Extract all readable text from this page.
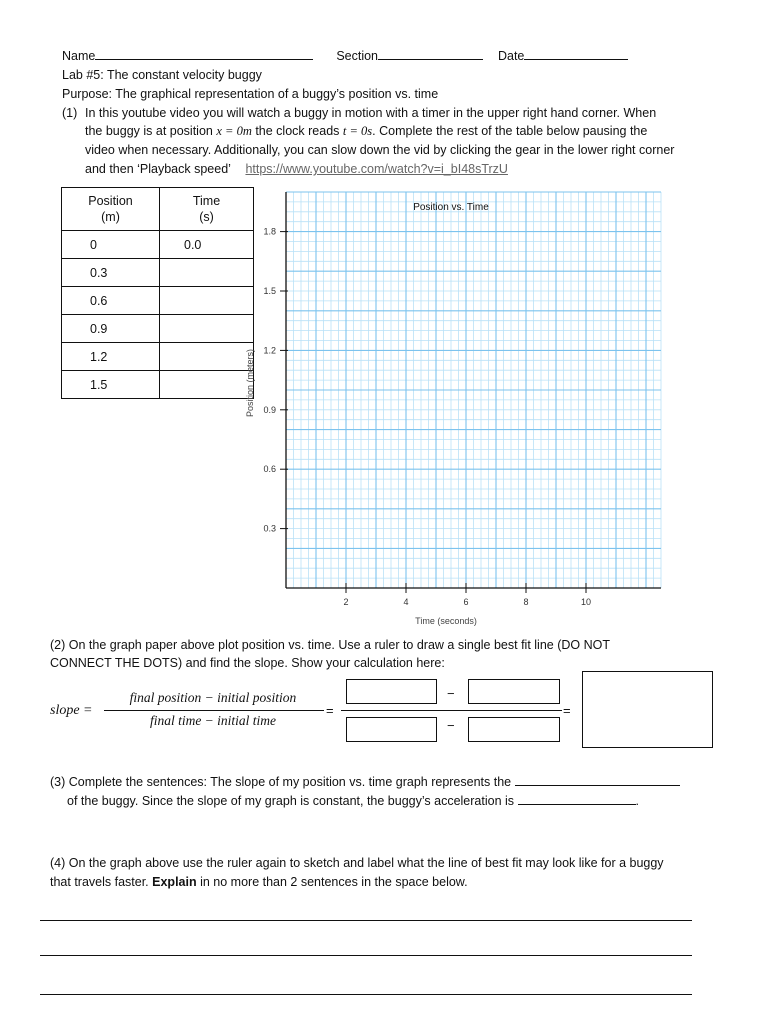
Name	Section	Date
Lab #5: The constant velocity buggy
Purpose: The graphical representation of a buggy’s position vs. time
(1) In this youtube video you will watch a buggy in motion with a timer in the upper right hand corner. When
the buggy is at position x = 0m the clock reads t = 0s. Complete the rest of the table below pausing the
video when necessary. Additionally, you can slow down the vid by clicking the gear in the lower right corner
and then ‘Playback speed’ https://www.youtube.com/watch?v=i_bI48sTrzU
Position
(m)	Time
(s)
0	0.0
0.3	
0.6	
0.9	
1.2	
1.5	
0.3
0.6
0.9
1.2
1.5
1.8
2	4	6	8	10
Position vs. Time
Time (seconds)
Position (meters)
(2) On the graph paper above plot position vs. time. Use a ruler to draw a single best fit line (DO NOT
CONNECT THE DOTS) and find the slope. Show your calculation here:
slope =
final position − initial position
final time − initial time
=
−
−
=
(3) Complete the sentences: The slope of my position vs. time graph represents the
of the buggy. Since the slope of my graph is constant, the buggy’s acceleration is	.
(4) On the graph above use the ruler again to sketch and label what the line of best fit may look like for a buggy
that travels faster. Explain in no more than 2 sentences in the space below.
